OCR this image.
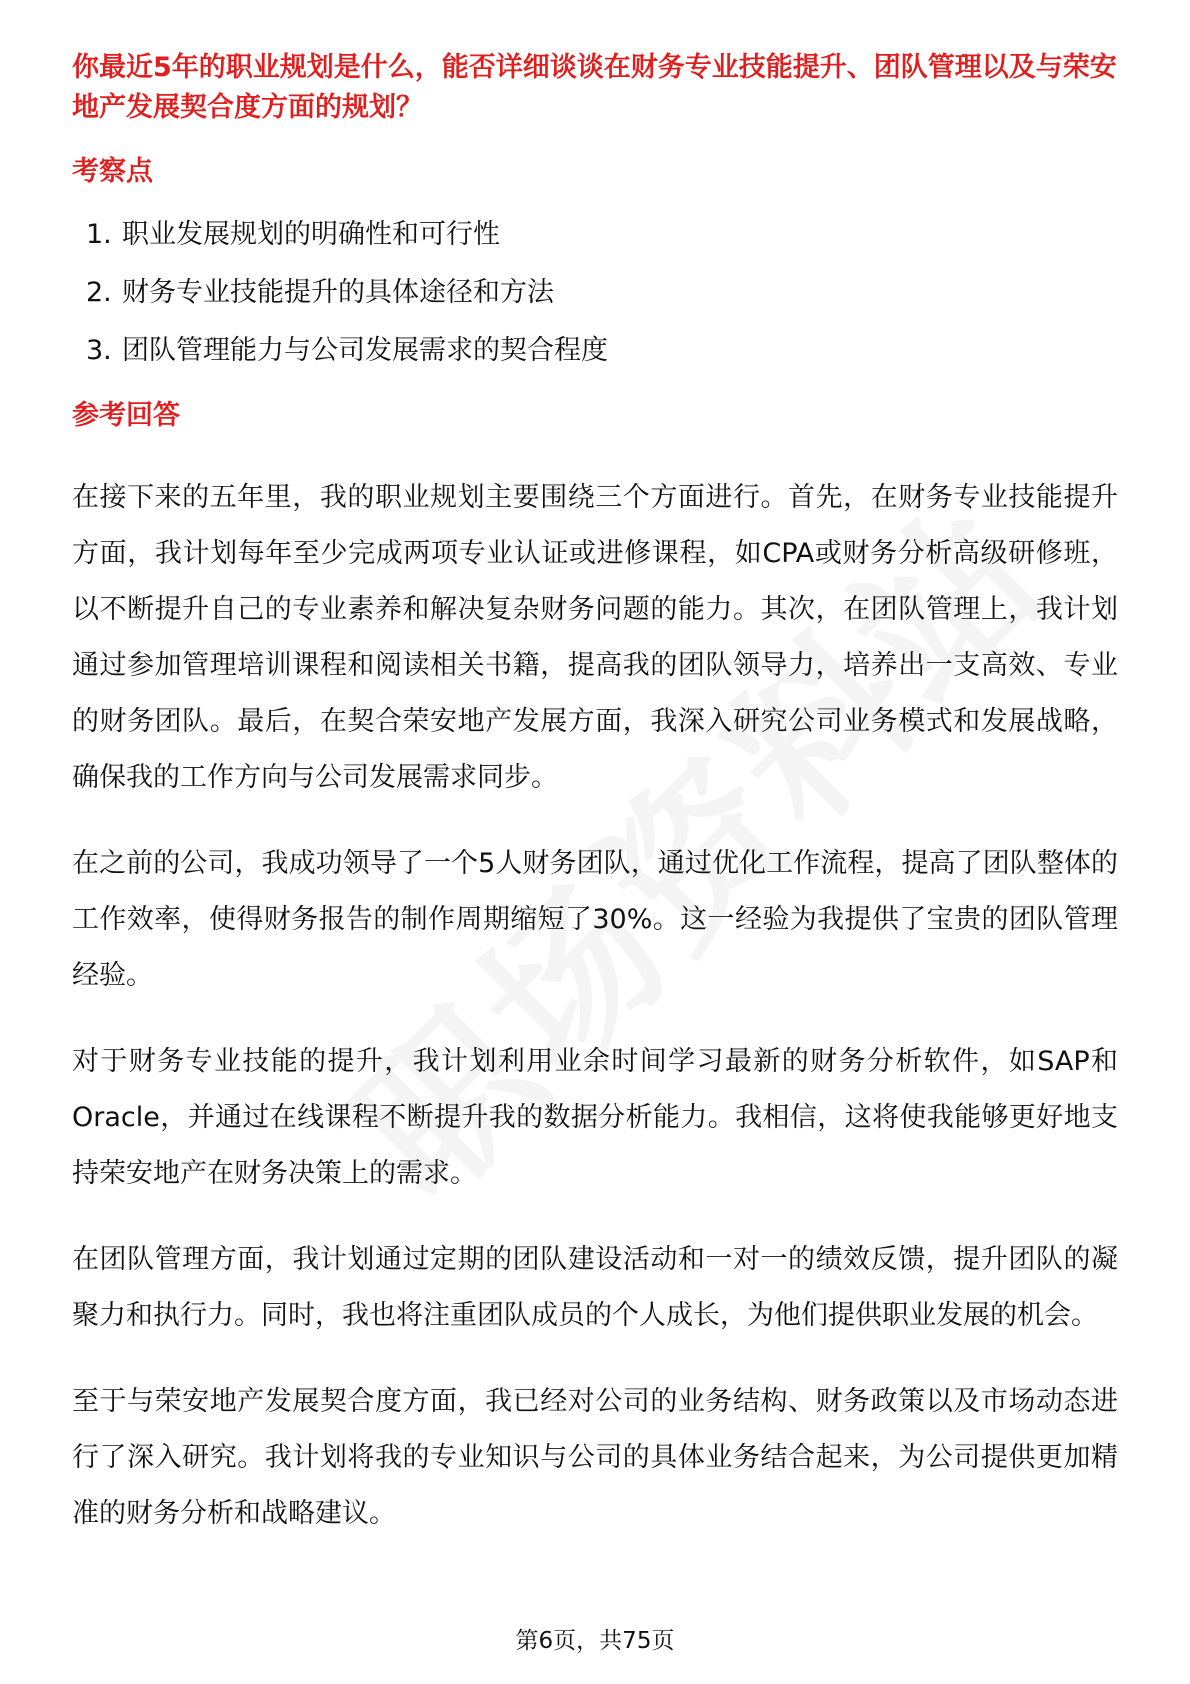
你最近5年的职业规划是什么，能否详细谈谈在财务专业技能提升、团队管理以及与荣安地产发展契合度方面的规划？

考察点
1. 职业发展规划的明确性和可行性
2. 财务专业技能提升的具体途径和方法
3. 团队管理能力与公司发展需求的契合程度
参考回答

在接下来的五年里，我的职业规划主要围绕三个方面进行。首先，在财务专业技能提升方面，我计划每年至少完成两项专业认证或进修课程，如CPA或财务分析高级研修班，以不断提升自己的专业素养和解决复杂财务问题的能力。其次，在团队管理上，我计划通过参加管理培训课程和阅读相关书籍，提高我的团队领导力，培养出一支高效、专业的财务团队。最后，在契合荣安地产发展方面，我深入研究公司业务模式和发展战略，确保我的工作方向与公司发展需求同步。

在之前的公司，我成功领导了一个5人财务团队，通过优化工作流程，提高了团队整体的工作效率，使得财务报告的制作周期缩短了30%。这一经验为我提供了宝贵的团队管理经验。

对于财务专业技能的提升，我计划利用业余时间学习最新的财务分析软件，如SAP和Oracle，并通过在线课程不断提升我的数据分析能力。我相信，这将使我能够更好地支持荣安地产在财务决策上的需求。

在团队管理方面，我计划通过定期的团队建设活动和一对一的绩效反馈，提升团队的凝聚力和执行力。同时，我也将注重团队成员的个人成长，为他们提供职业发展的机会。

至于与荣安地产发展契合度方面，我已经对公司的业务结构、财务政策以及市场动态进行了深入研究。我计划将我的专业知识与公司的具体业务结合起来，为公司提供更加精准的财务分析和战略建议。

第6页，共75页
